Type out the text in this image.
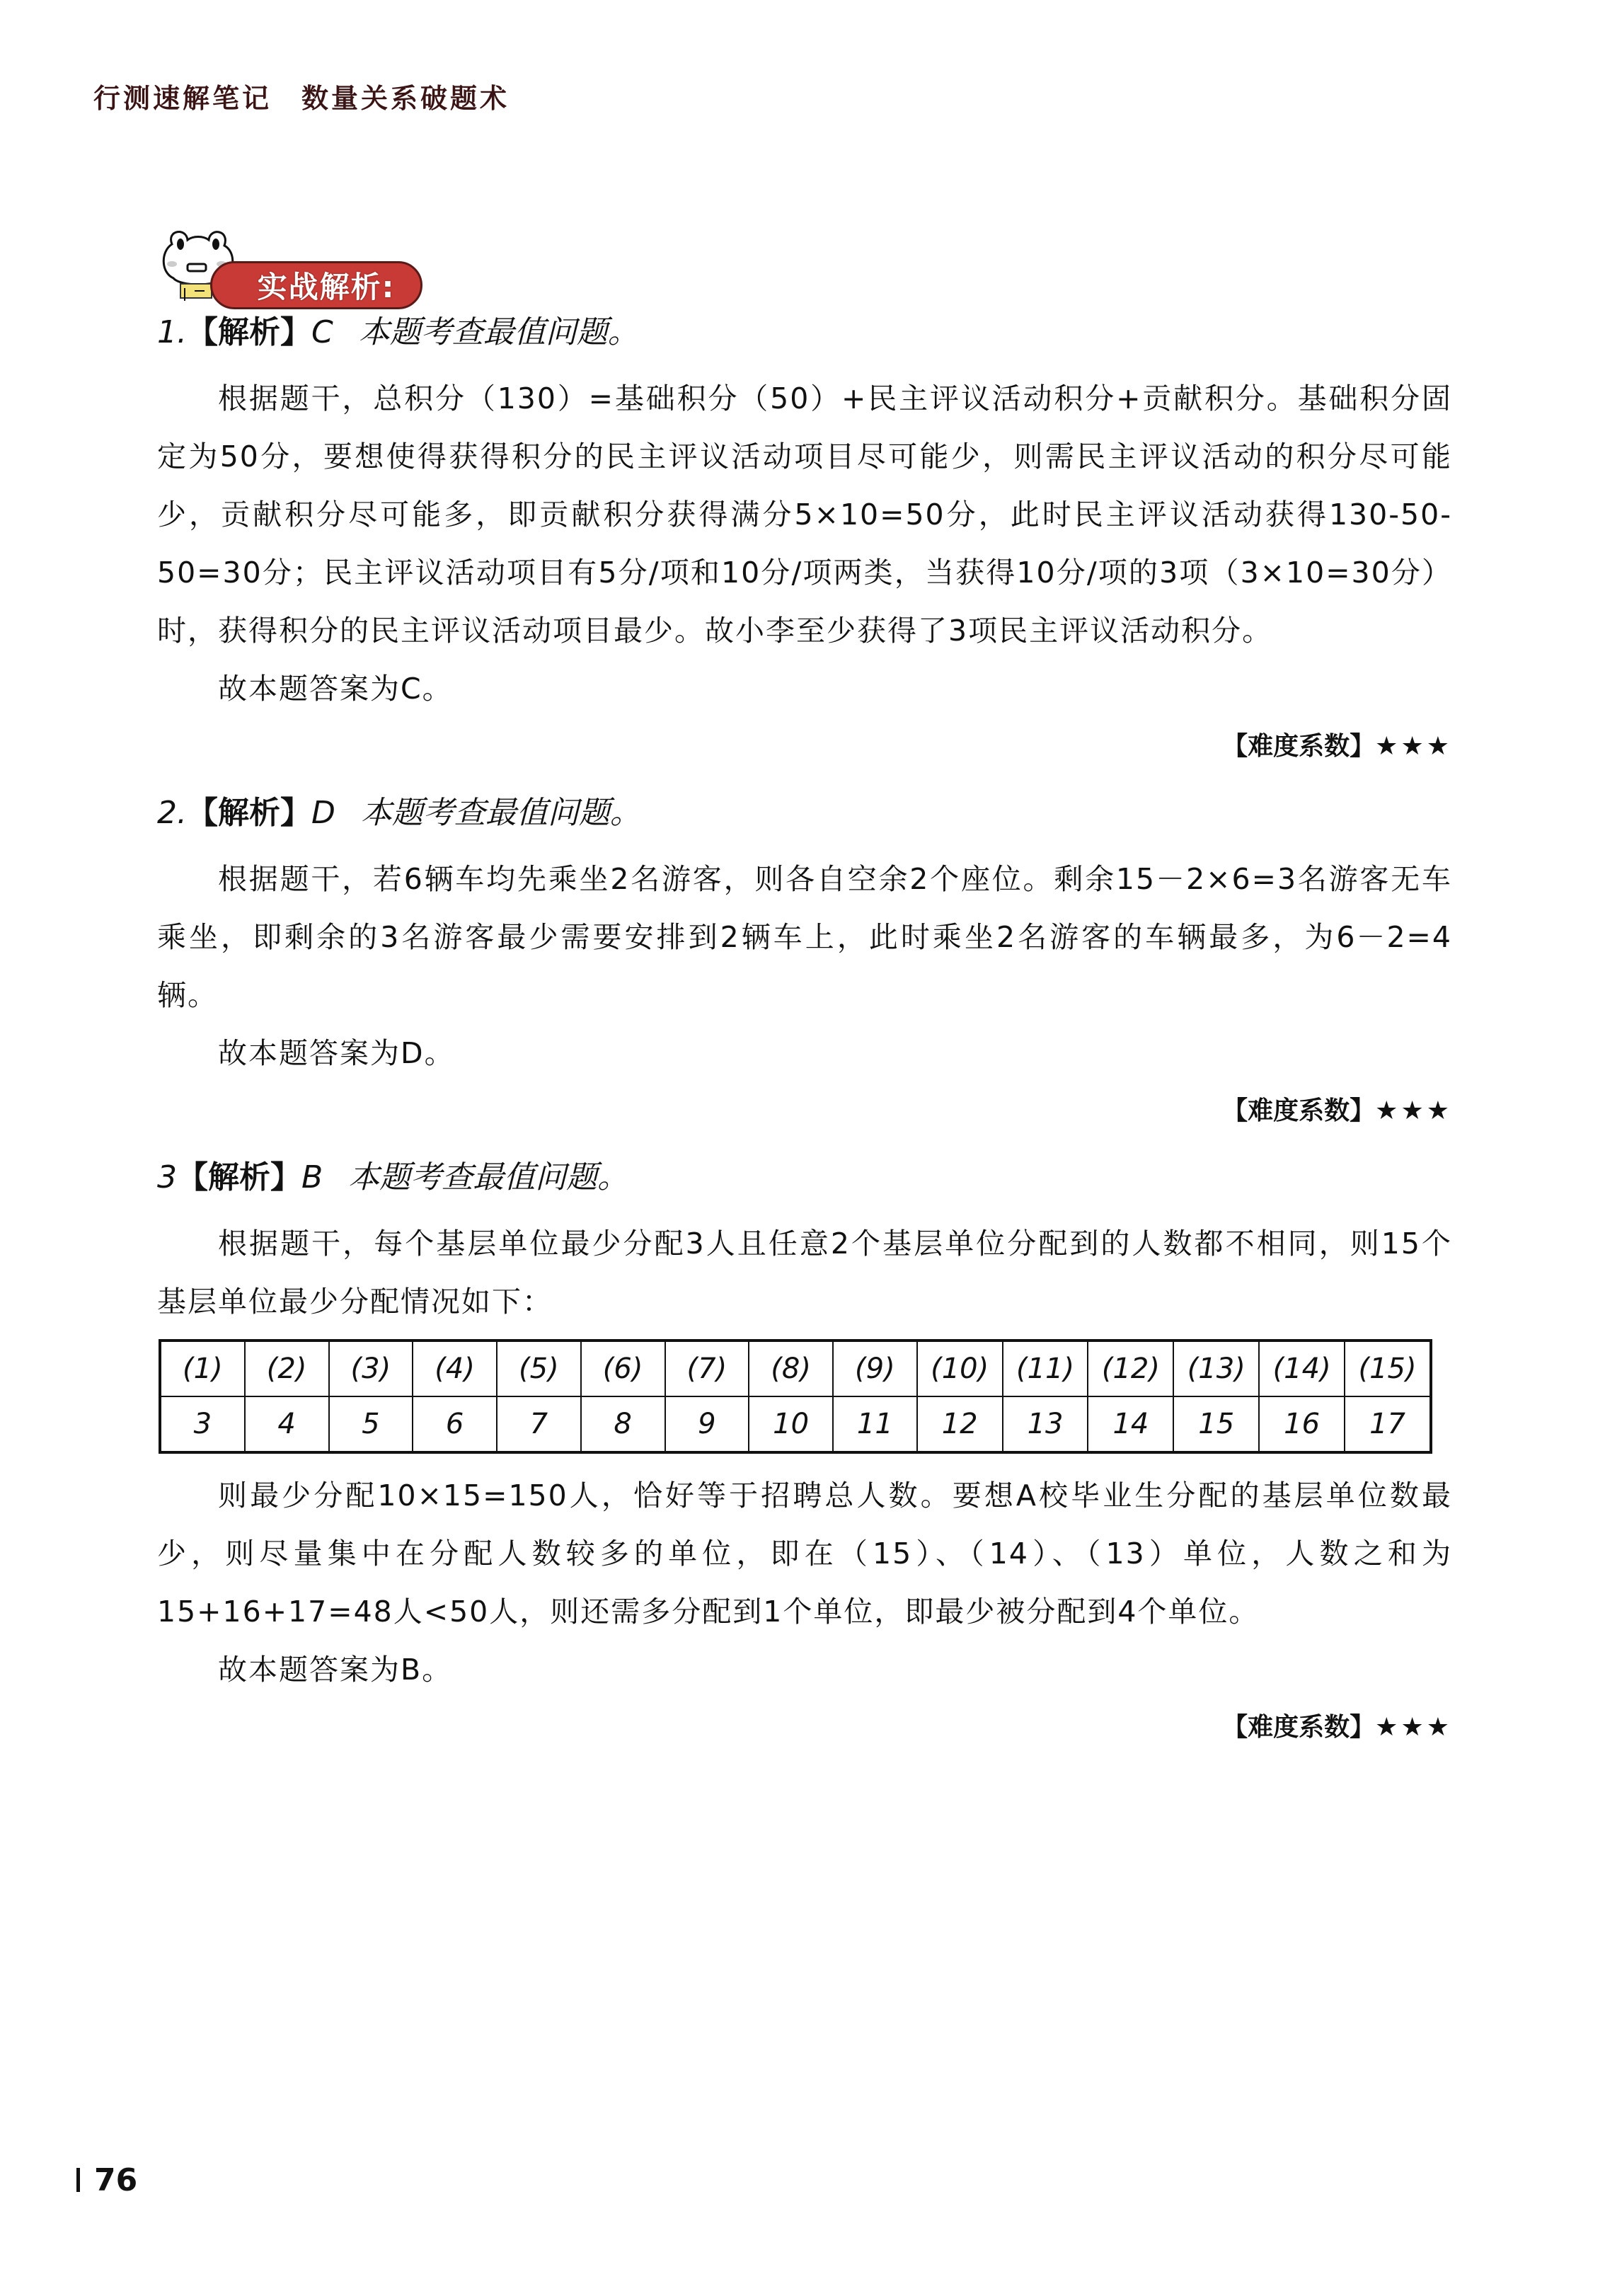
行测速解笔记 数量关系破题术
实战解析:
1.【解析】C 本题考查最值问题。

根据题干，总积分（130）=基础积分（50）+民主评议活动积分+贡献积分。基础积分固定为50分，要想使得获得积分的民主评议活动项目尽可能少，则需民主评议活动的积分尽可能少，贡献积分尽可能多，即贡献积分获得满分5×10=50分，此时民主评议活动获得130-50-50=30分；民主评议活动项目有5分/项和10分/项两类，当获得10分/项的3项（3×10=30分）时，获得积分的民主评议活动项目最少。故小李至少获得了3项民主评议活动积分。

故本题答案为C。

【难度系数】★★★
2.【解析】D 本题考查最值问题。

根据题干，若6辆车均先乘坐2名游客，则各自空余2个座位。剩余15－2×6=3名游客无车乘坐，即剩余的3名游客最少需要安排到2辆车上，此时乘坐2名游客的车辆最多，为6－2=4辆。

故本题答案为D。

【难度系数】★★★
3【解析】B 本题考查最值问题。

根据题干，每个基层单位最少分配3人且任意2个基层单位分配到的人数都不相同，则15个基层单位最少分配情况如下：

(1)	(2)	(3)	(4)	(5)	(6)	(7)	(8)	(9)	(10)	(11)	(12)	(13)	(14)	(15)
3	4	5	6	7	8	9	10	11	12	13	14	15	16	17

则最少分配10×15=150人，恰好等于招聘总人数。要想A校毕业生分配的基层单位数最少，则尽量集中在分配人数较多的单位，即在（15）、（14）、（13）单位，人数之和为15+16+17=48人<50人，则还需多分配到1个单位，即最少被分配到4个单位。

故本题答案为B。

【难度系数】★★★
76
